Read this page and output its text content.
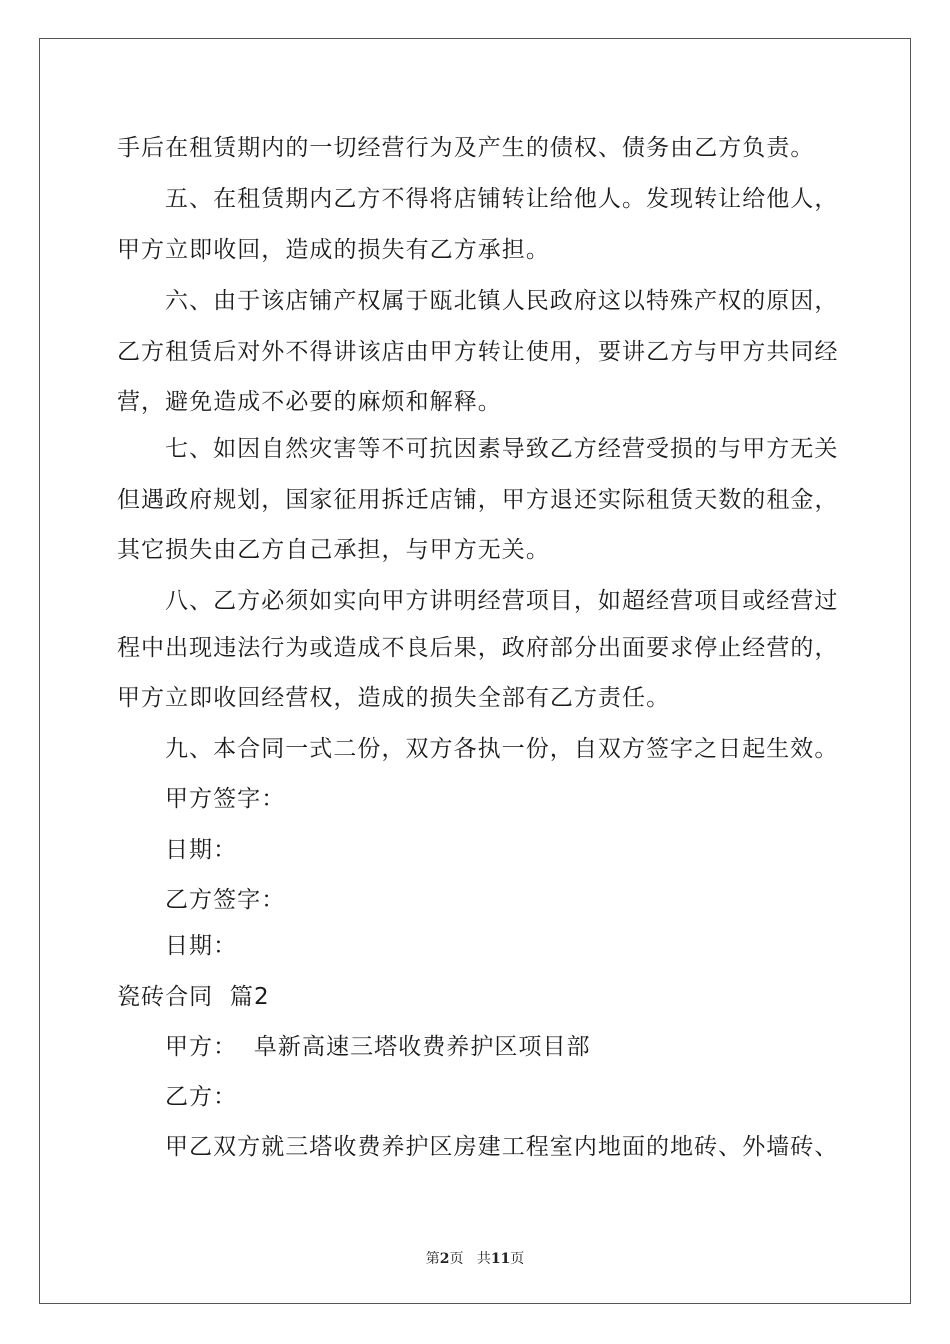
手后在租赁期内的一切经营行为及产生的债权、债务由乙方负责。
五、在租赁期内乙方不得将店铺转让给他人。发现转让给他人，
甲方立即收回，造成的损失有乙方承担。
六、由于该店铺产权属于瓯北镇人民政府这以特殊产权的原因，
乙方租赁后对外不得讲该店由甲方转让使用，要讲乙方与甲方共同经
营，避免造成不必要的麻烦和解释。
七、如因自然灾害等不可抗因素导致乙方经营受损的与甲方无关
但遇政府规划，国家征用拆迁店铺，甲方退还实际租赁天数的租金，
其它损失由乙方自己承担，与甲方无关。
八、乙方必须如实向甲方讲明经营项目，如超经营项目或经营过
程中出现违法行为或造成不良后果，政府部分出面要求停止经营的，
甲方立即收回经营权，造成的损失全部有乙方责任。
九、本合同一式二份，双方各执一份，自双方签字之日起生效。
甲方签字：
日期：
乙方签字：
日期：
瓷砖合同  篇2
甲方：  阜新高速三塔收费养护区项目部
乙方：
甲乙双方就三塔收费养护区房建工程室内地面的地砖、外墙砖、
第2页 共11页
